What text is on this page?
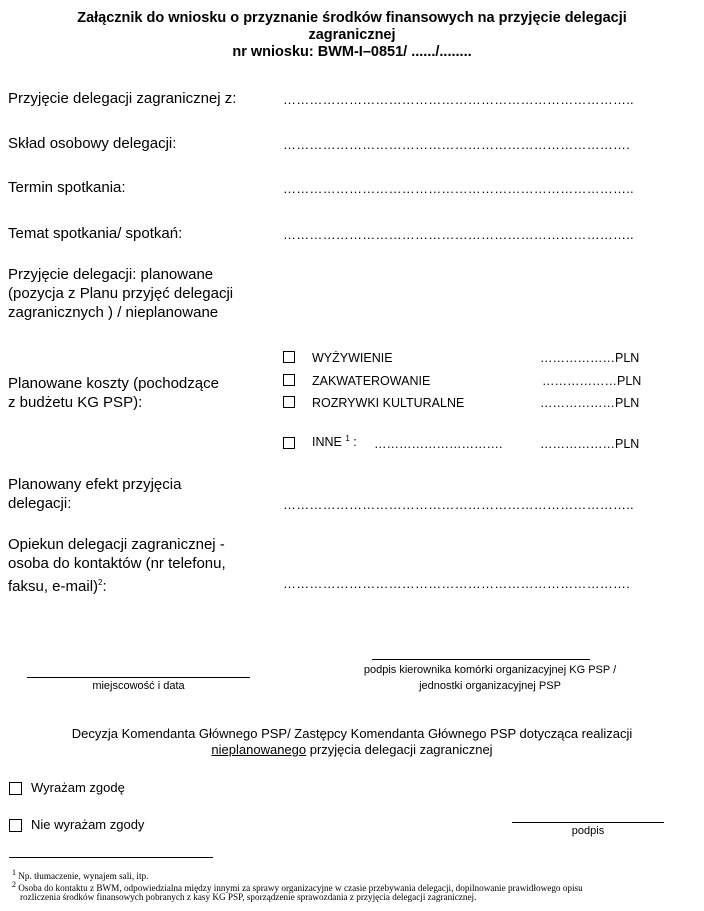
Załącznik do wniosku o przyznanie środków finansowych na przyjęcie delegacji
zagranicznej
nr wniosku: BWM-I–0851/ ....../........
Przyjęcie delegacji zagranicznej z:	……………………………………………………………………..
Skład osobowy delegacji:	…………………………………………………………………….
Termin spotkania:	……………………………………………………………………..
Temat spotkania/ spotkań:	……………………………………………………………………..
Przyjęcie delegacji: planowane
(pozycja z Planu przyjęć delegacji
zagranicznych ) / nieplanowane
Planowane koszty (pochodzące
z budżetu KG PSP):
WYŻYWIENIE	………………PLN
ZAKWATEROWANIE	………………PLN
ROZRYWKI KULTURALNE	………………PLN
INNE $^1$ : ………………………….	………………PLN
Planowany efekt przyjęcia
delegacji:	……………………………………………………………………..
Opiekun delegacji zagranicznej -
osoba do kontaktów (nr telefonu,
faksu, e-mail)$^2$:	…………………………………………………………………….
miejscowość i data
podpis kierownika komórki organizacyjnej KG PSP /
jednostki organizacyjnej PSP
Decyzja Komendanta Głównego PSP/ Zastępcy Komendanta Głównego PSP dotycząca realizacji
nieplanowanego przyjęcia delegacji zagranicznej
Wyrażam zgodę
Nie wyrażam zgody	podpis
$^1$ Np. tłumaczenie, wynajem sali, itp.
$^2$ Osoba do kontaktu z BWM, odpowiedzialna między innymi za sprawy organizacyjne w czasie przebywania delegacji, dopilnowanie prawidłowego opisu
rozliczenia środków finansowych pobranych z kasy KG PSP, sporządzenie sprawozdania z przyjęcia delegacji zagranicznej.
